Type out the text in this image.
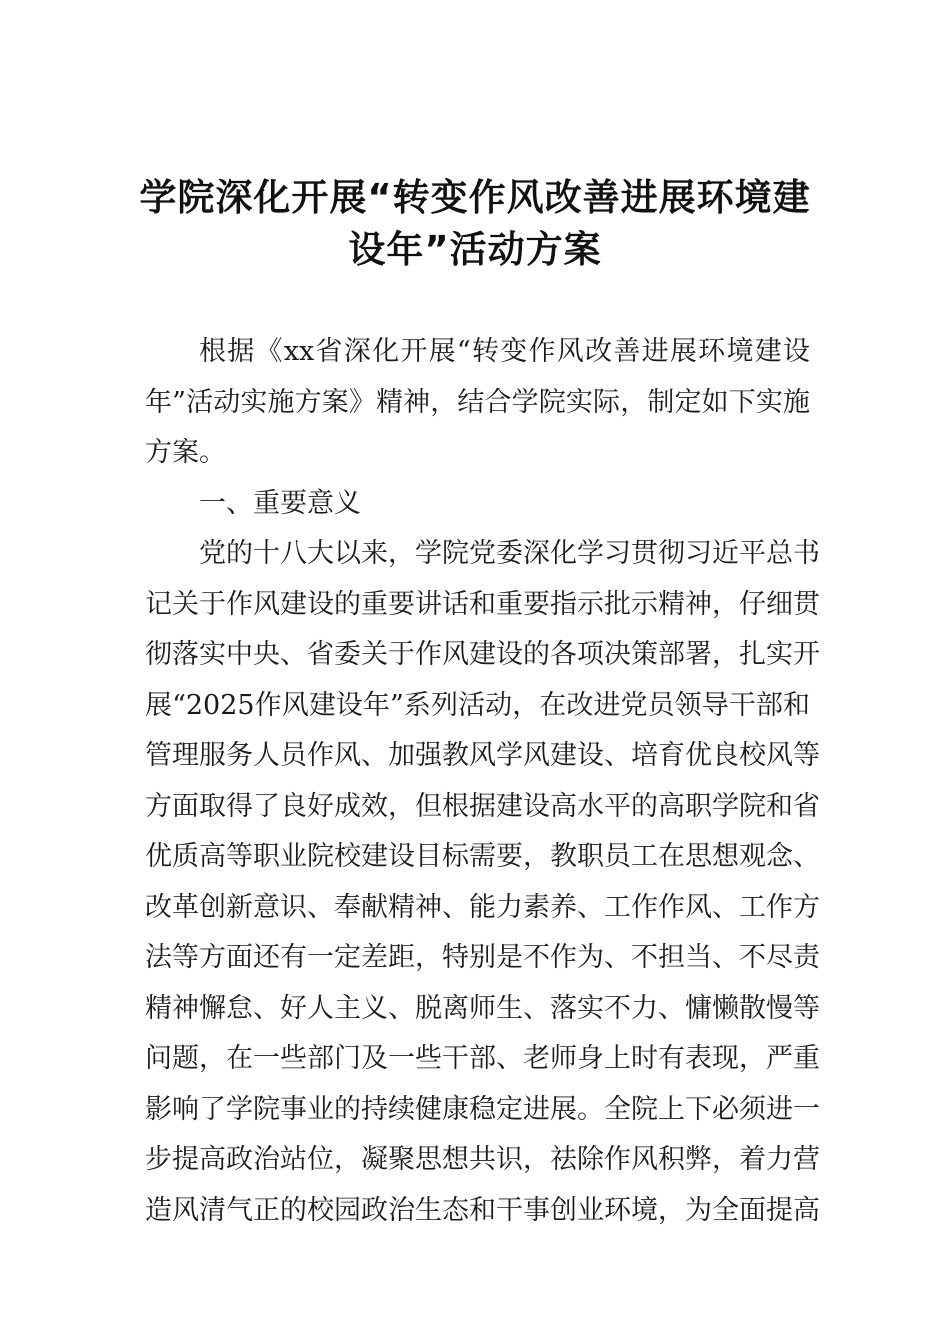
学院深化开展“转变作风改善进展环境建
设年”活动方案
根据《xx省深化开展“转变作风改善进展环境建设
年”活动实施方案》精神，结合学院实际，制定如下实施
方案。
一、重要意义
党的十八大以来，学院党委深化学习贯彻习近平总书
记关于作风建设的重要讲话和重要指示批示精神，仔细贯
彻落实中央、省委关于作风建设的各项决策部署，扎实开
展“2025作风建设年”系列活动，在改进党员领导干部和
管理服务人员作风、加强教风学风建设、培育优良校风等
方面取得了良好成效，但根据建设高水平的高职学院和省
优质高等职业院校建设目标需要，教职员工在思想观念、
改革创新意识、奉献精神、能力素养、工作作风、工作方
法等方面还有一定差距，特别是不作为、不担当、不尽责
精神懈怠、好人主义、脱离师生、落实不力、慵懒散慢等
问题，在一些部门及一些干部、老师身上时有表现，严重
影响了学院事业的持续健康稳定进展。全院上下必须进一
步提高政治站位，凝聚思想共识，祛除作风积弊，着力营
造风清气正的校园政治生态和干事创业环境，为全面提高
